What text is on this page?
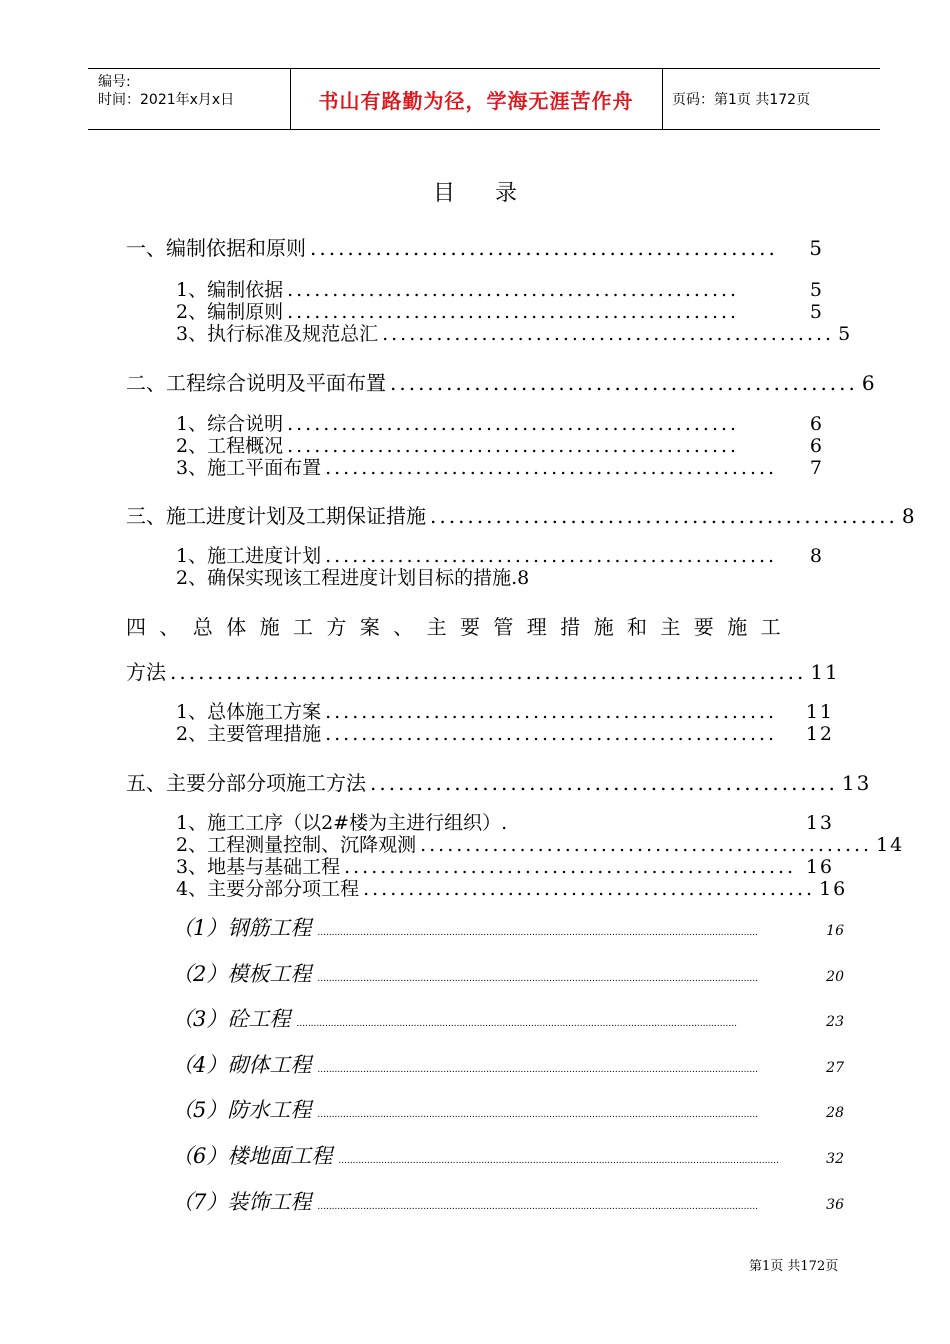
编号:
时间：2021年x月x日	书山有路勤为径，学海无涯苦作舟	页码：第1页 共172页
目录
一、编制依据和原则 ..................................................	5
1、编制依据 ..................................................	5
2、编制原则 ..................................................	5
3、执行标准及规范总汇 .................................................. 5
二、工程综合说明及平面布置 .................................................. 6
1、综合说明 ..................................................	6
2、工程概况 ..................................................	6
3、施工平面布置 ..................................................	7
三、施工进度计划及工期保证措施 .................................................. 8
1、施工进度计划 ..................................................	8
2、确保实现该工程进度计划目标的措施 .8
四、总体施工方案、主要管理措施和主要施工
方法 .................................................................... 11
1、总体施工方案 ..................................................	11
2、主要管理措施 ..................................................	12
五、主要分部分项施工方法 .................................................. 13
1、施工工序（以2#楼为主进行组织）.	13
2、工程测量控制、沉降观测 .................................................. 14
3、地基与基础工程 .................................................. 16
4、主要分部分项工程 .................................................. 16
（1）钢筋工程 ..........................................................................................................................................................	16
（2）模板工程 ..........................................................................................................................................................	20
（3）砼工程 ..........................................................................................................................................................	23
（4）砌体工程 ..........................................................................................................................................................	27
（5）防水工程 ..........................................................................................................................................................	28
（6）楼地面工程 ..........................................................................................................................................................	32
（7）装饰工程 ..........................................................................................................................................................	36
第1页 共172页
